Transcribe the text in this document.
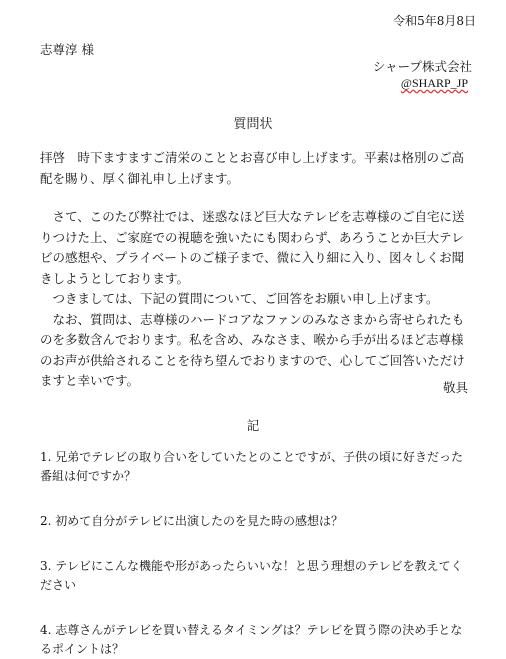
令和5年8月8日
志尊淳 様
シャープ株式会社
@SHARP_JP
質問状

拝啓　時下ますますご清栄のこととお喜び申し上げます。平素は格別のご高配を賜り、厚く御礼申し上げます。

さて、このたび弊社では、迷惑なほど巨大なテレビを志尊様のご自宅に送りつけた上、ご家庭での視聴を強いたにも関わらず、あろうことか巨大テレビの感想や、プライベートのご様子まで、微に入り細に入り、図々しくお聞きしようとしております。

つきましては、下記の質問について、ご回答をお願い申し上げます。

なお、質問は、志尊様のハードコアなファンのみなさまから寄せられたものを多数含んでおります。私を含め、みなさま、喉から手が出るほど志尊様のお声が供給されることを待ち望んでおりますので、心してご回答いただけますと幸いです。	敬具
記

1. 兄弟でテレビの取り合いをしていたとのことですが、子供の頃に好きだった番組は何ですか？

2. 初めて自分がテレビに出演したのを見た時の感想は？

3. テレビにこんな機能や形があったらいいな！と思う理想のテレビを教えてください

4. 志尊さんがテレビを買い替えるタイミングは？テレビを買う際の決め手となるポイントは？
